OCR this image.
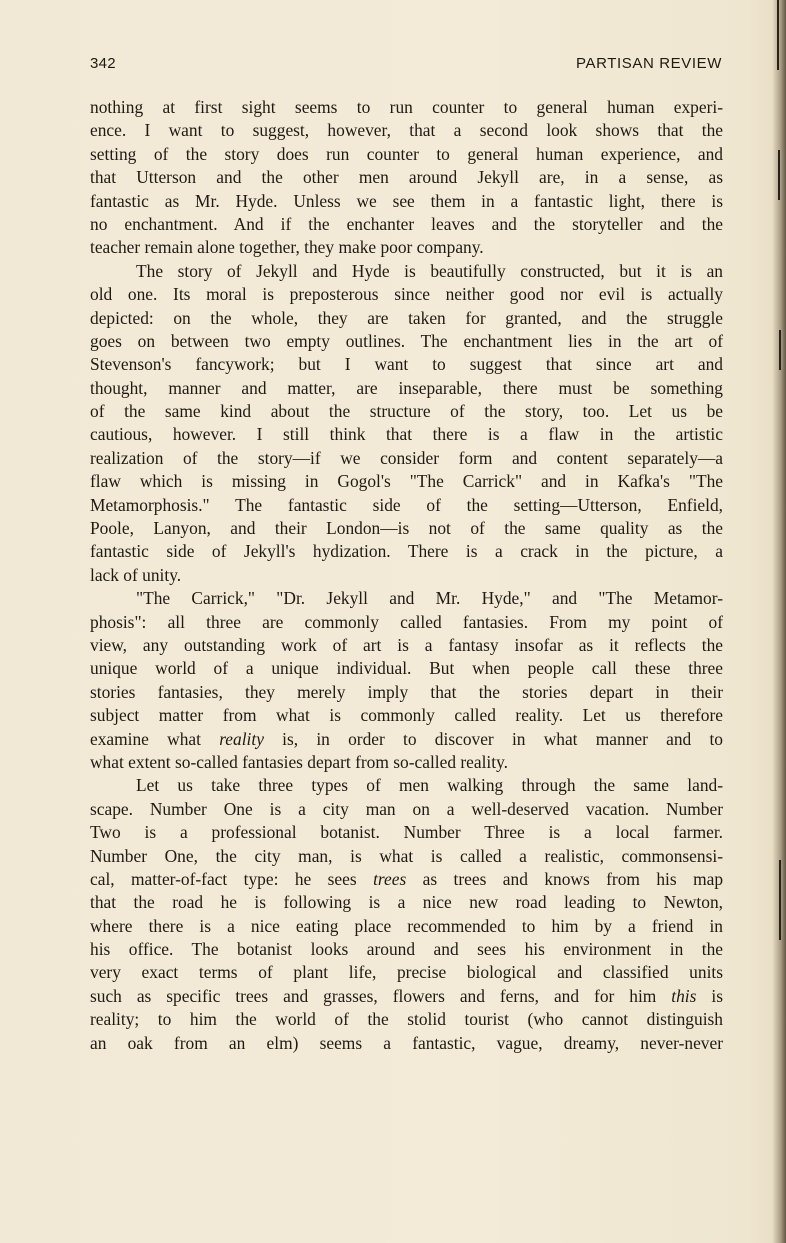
342	PARTISAN REVIEW
nothing at first sight seems to run counter to general human experi-
ence. I want to suggest, however, that a second look shows that the
setting of the story does run counter to general human experience, and
that Utterson and the other men around Jekyll are, in a sense, as
fantastic as Mr. Hyde. Unless we see them in a fantastic light, there is
no enchantment. And if the enchanter leaves and the storyteller and the
teacher remain alone together, they make poor company.
The story of Jekyll and Hyde is beautifully constructed, but it is an
old one. Its moral is preposterous since neither good nor evil is actually
depicted: on the whole, they are taken for granted, and the struggle
goes on between two empty outlines. The enchantment lies in the art of
Stevenson's fancywork; but I want to suggest that since art and
thought, manner and matter, are inseparable, there must be something
of the same kind about the structure of the story, too. Let us be
cautious, however. I still think that there is a flaw in the artistic
realization of the story—if we consider form and content separately—a
flaw which is missing in Gogol's "The Carrick" and in Kafka's "The
Metamorphosis." The fantastic side of the setting—Utterson, Enfield,
Poole, Lanyon, and their London—is not of the same quality as the
fantastic side of Jekyll's hydization. There is a crack in the picture, a
lack of unity.
"The Carrick," "Dr. Jekyll and Mr. Hyde," and "The Metamor-
phosis": all three are commonly called fantasies. From my point of
view, any outstanding work of art is a fantasy insofar as it reflects the
unique world of a unique individual. But when people call these three
stories fantasies, they merely imply that the stories depart in their
subject matter from what is commonly called reality. Let us therefore
examine what reality is, in order to discover in what manner and to
what extent so-called fantasies depart from so-called reality.
Let us take three types of men walking through the same land-
scape. Number One is a city man on a well-deserved vacation. Number
Two is a professional botanist. Number Three is a local farmer.
Number One, the city man, is what is called a realistic, commonsensi-
cal, matter-of-fact type: he sees trees as trees and knows from his map
that the road he is following is a nice new road leading to Newton,
where there is a nice eating place recommended to him by a friend in
his office. The botanist looks around and sees his environment in the
very exact terms of plant life, precise biological and classified units
such as specific trees and grasses, flowers and ferns, and for him this is
reality; to him the world of the stolid tourist (who cannot distinguish
an oak from an elm) seems a fantastic, vague, dreamy, never-never
